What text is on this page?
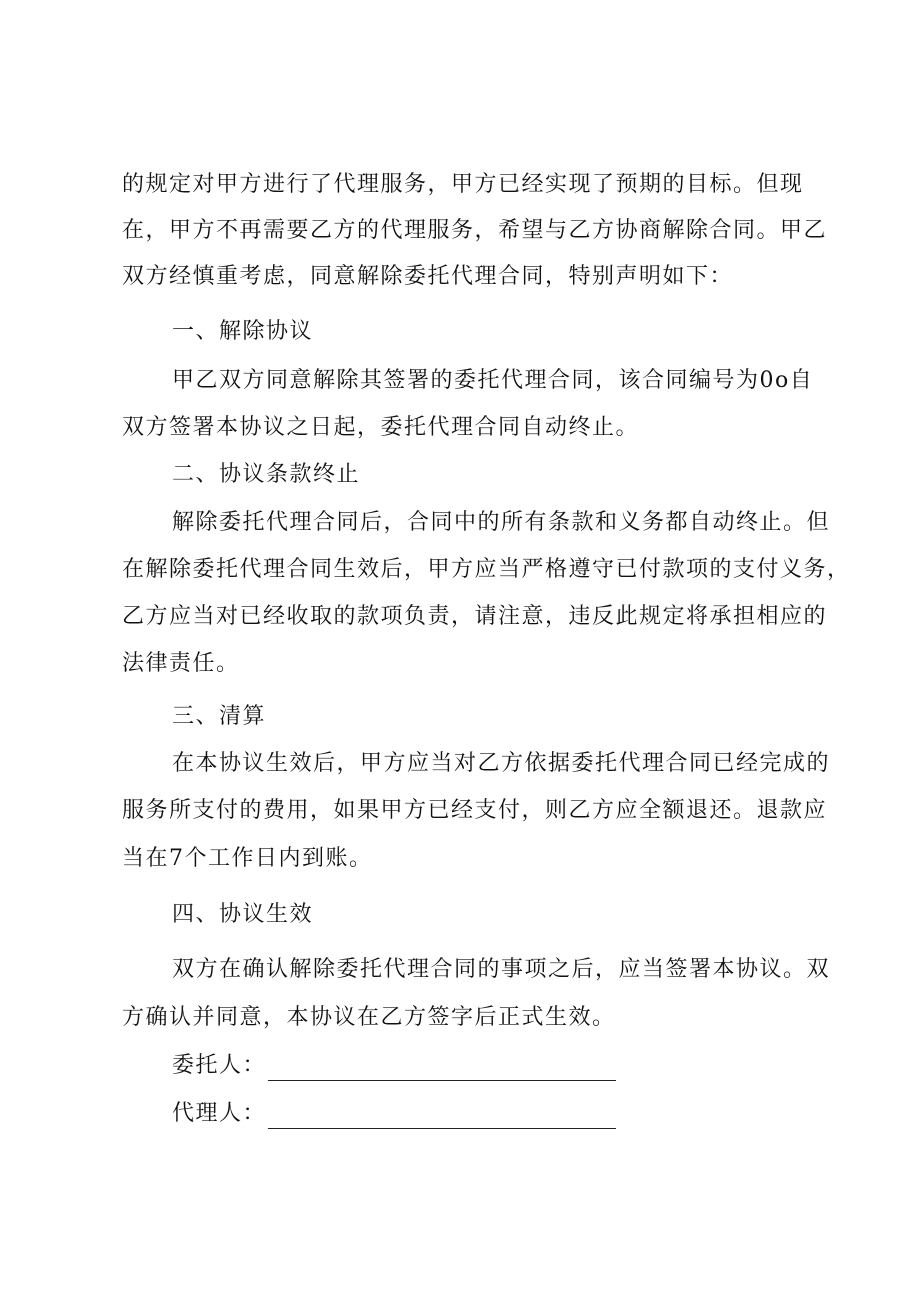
的规定对甲方进行了代理服务，甲方已经实现了预期的目标。但现
在，甲方不再需要乙方的代理服务，希望与乙方协商解除合同。甲乙
双方经慎重考虑，同意解除委托代理合同，特别声明如下：
一、解除协议
甲乙双方同意解除其签署的委托代理合同，该合同编号为0o自
双方签署本协议之日起，委托代理合同自动终止。
二、协议条款终止
解除委托代理合同后，合同中的所有条款和义务都自动终止。但
在解除委托代理合同生效后，甲方应当严格遵守已付款项的支付义务，
乙方应当对已经收取的款项负责，请注意，违反此规定将承担相应的
法律责任。
三、清算
在本协议生效后，甲方应当对乙方依据委托代理合同已经完成的
服务所支付的费用，如果甲方已经支付，则乙方应全额退还。退款应
当在7个工作日内到账。
四、协议生效
双方在确认解除委托代理合同的事项之后，应当签署本协议。双
方确认并同意，本协议在乙方签字后正式生效。
委托人：
代理人：
